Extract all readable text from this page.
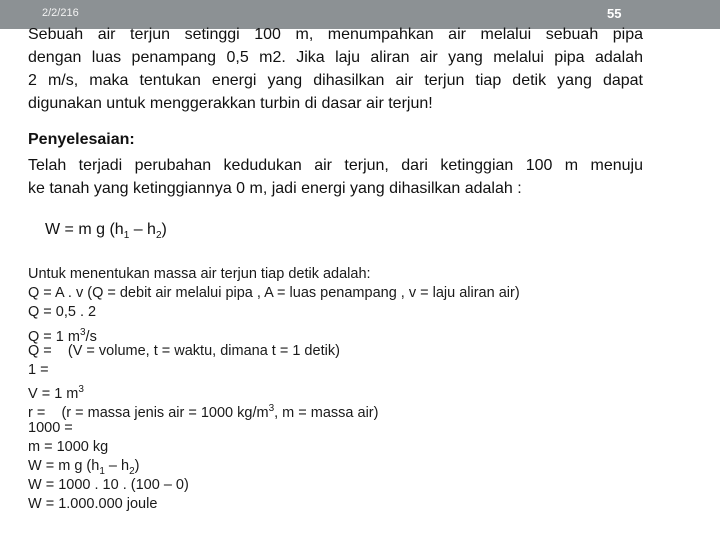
2/2/216	55
Sebuah air terjun setinggi 100 m, menumpahkan air melalui sebuah pipa
dengan luas penampang 0,5 m2. Jika laju aliran air yang melalui pipa adalah
2 m/s, maka tentukan energi yang dihasilkan air terjun tiap detik yang dapat
digunakan untuk menggerakkan turbin di dasar air terjun!
Penyelesaian:
Telah terjadi perubahan kedudukan air terjun, dari ketinggian 100 m menuju
ke tanah yang ketinggiannya 0 m, jadi energi yang dihasilkan adalah :
W = m g $(h_1 - h_2)$
Untuk menentukan massa air terjun tiap detik adalah:
Q = A . v (Q = debit air melalui pipa , A = luas penampang , v = laju aliran air)
Q = 0,5 . 2
Q = 1 $m^3/s$
Q =    (V = volume, t = waktu, dimana t = 1 detik)
1 =
V = 1 $m^3$
r =    (r = massa jenis air = 1000 $kg/m^3$, m = massa air)
1000 =
m = 1000 kg
W = m g $(h_1 - h_2)$
W = 1000 . 10 . (100 – 0)
W = 1.000.000 joule
